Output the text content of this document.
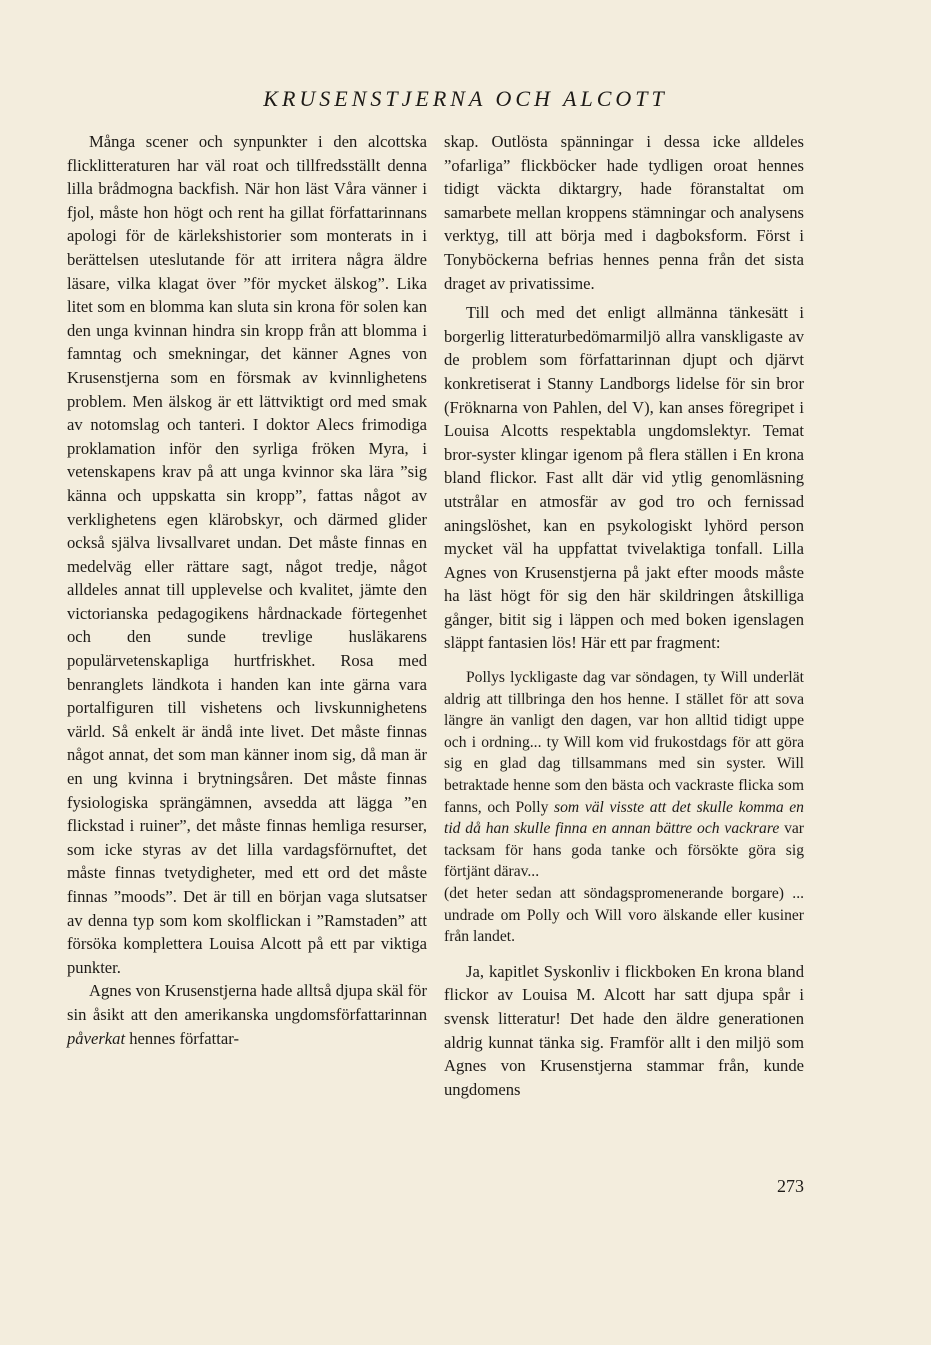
KRUSENSTJERNA OCH ALCOTT

Många scener och synpunkter i den alcottska flicklitteraturen har väl roat och tillfredsställt denna lilla brådmogna backfish. När hon läst Våra vänner i fjol, måste hon högt och rent ha gillat författarinnans apologi för de kärlekshistorier som monterats in i berättelsen uteslutande för att irritera några äldre läsare, vilka klagat över ”för mycket älskog”. Lika litet som en blomma kan sluta sin krona för solen kan den unga kvinnan hindra sin kropp från att blomma i famntag och smekningar, det känner Agnes von Krusenstjerna som en försmak av kvinnlighetens problem. Men älskog är ett lättviktigt ord med smak av notomslag och tanteri. I doktor Alecs frimodiga proklamation inför den syrliga fröken Myra, i vetenskapens krav på att unga kvinnor ska lära ”sig känna och uppskatta sin kropp”, fattas något av verklighetens egen klärobskyr, och därmed glider också själva livsallvaret undan. Det måste finnas en medelväg eller rättare sagt, något tredje, något alldeles annat till upplevelse och kvalitet, jämte den victorianska pedagogikens hårdnackade förtegenhet och den sunde trevlige husläkarens populärvetenskapliga hurtfriskhet. Rosa med benranglets ländkota i handen kan inte gärna vara portalfiguren till vishetens och livskunnighetens värld. Så enkelt är ändå inte livet. Det måste finnas något annat, det som man känner inom sig, då man är en ung kvinna i brytningsåren. Det måste finnas fysiologiska sprängämnen, avsedda att lägga ”en flickstad i ruiner”, det måste finnas hemliga resurser, som icke styras av det lilla vardagsförnuftet, det måste finnas tvetydigheter, med ett ord det måste finnas ”moods”. Det är till en början vaga slutsatser av denna typ som kom skolflickan i ”Ramstaden” att försöka komplettera Louisa Alcott på ett par viktiga punkter.

Agnes von Krusenstjerna hade alltså djupa skäl för sin åsikt att den amerikanska ungdomsförfattarinnan påverkat hennes författar-

skap. Outlösta spänningar i dessa icke alldeles ”ofarliga” flickböcker hade tydligen oroat hennes tidigt väckta diktargry, hade föranstaltat om samarbete mellan kroppens stämningar och analysens verktyg, till att börja med i dagboksform. Först i Tonyböckerna befrias hennes penna från det sista draget av privatissime.

Till och med det enligt allmänna tänkesätt i borgerlig litteraturbedömarmiljö allra vanskligaste av de problem som författarinnan djupt och djärvt konkretiserat i Stanny Landborgs lidelse för sin bror (Fröknarna von Pahlen, del V), kan anses föregripet i Louisa Alcotts respektabla ungdomslektyr. Temat bror-syster klingar igenom på flera ställen i En krona bland flickor. Fast allt där vid ytlig genomläsning utstrålar en atmosfär av god tro och fernissad aningslöshet, kan en psykologiskt lyhörd person mycket väl ha uppfattat tvivelaktiga tonfall. Lilla Agnes von Krusenstjerna på jakt efter moods måste ha läst högt för sig den här skildringen åtskilliga gånger, bitit sig i läppen och med boken igenslagen släppt fantasien lös! Här ett par fragment:

Pollys lyckligaste dag var söndagen, ty Will underlät aldrig att tillbringa den hos henne. I stället för att sova längre än vanligt den dagen, var hon alltid tidigt uppe och i ordning... ty Will kom vid frukostdags för att göra sig en glad dag tillsammans med sin syster. Will betraktade henne som den bästa och vackraste flicka som fanns, och Polly som väl visste att det skulle komma en tid då han skulle finna en annan bättre och vackrare var tacksam för hans goda tanke och försökte göra sig förtjänt därav...

(det heter sedan att söndagspromenerande borgare) ... undrade om Polly och Will voro älskande eller kusiner från landet.

Ja, kapitlet Syskonliv i flickboken En krona bland flickor av Louisa M. Alcott har satt djupa spår i svensk litteratur! Det hade den äldre generationen aldrig kunnat tänka sig. Framför allt i den miljö som Agnes von Krusenstjerna stammar från, kunde ungdomens

273
